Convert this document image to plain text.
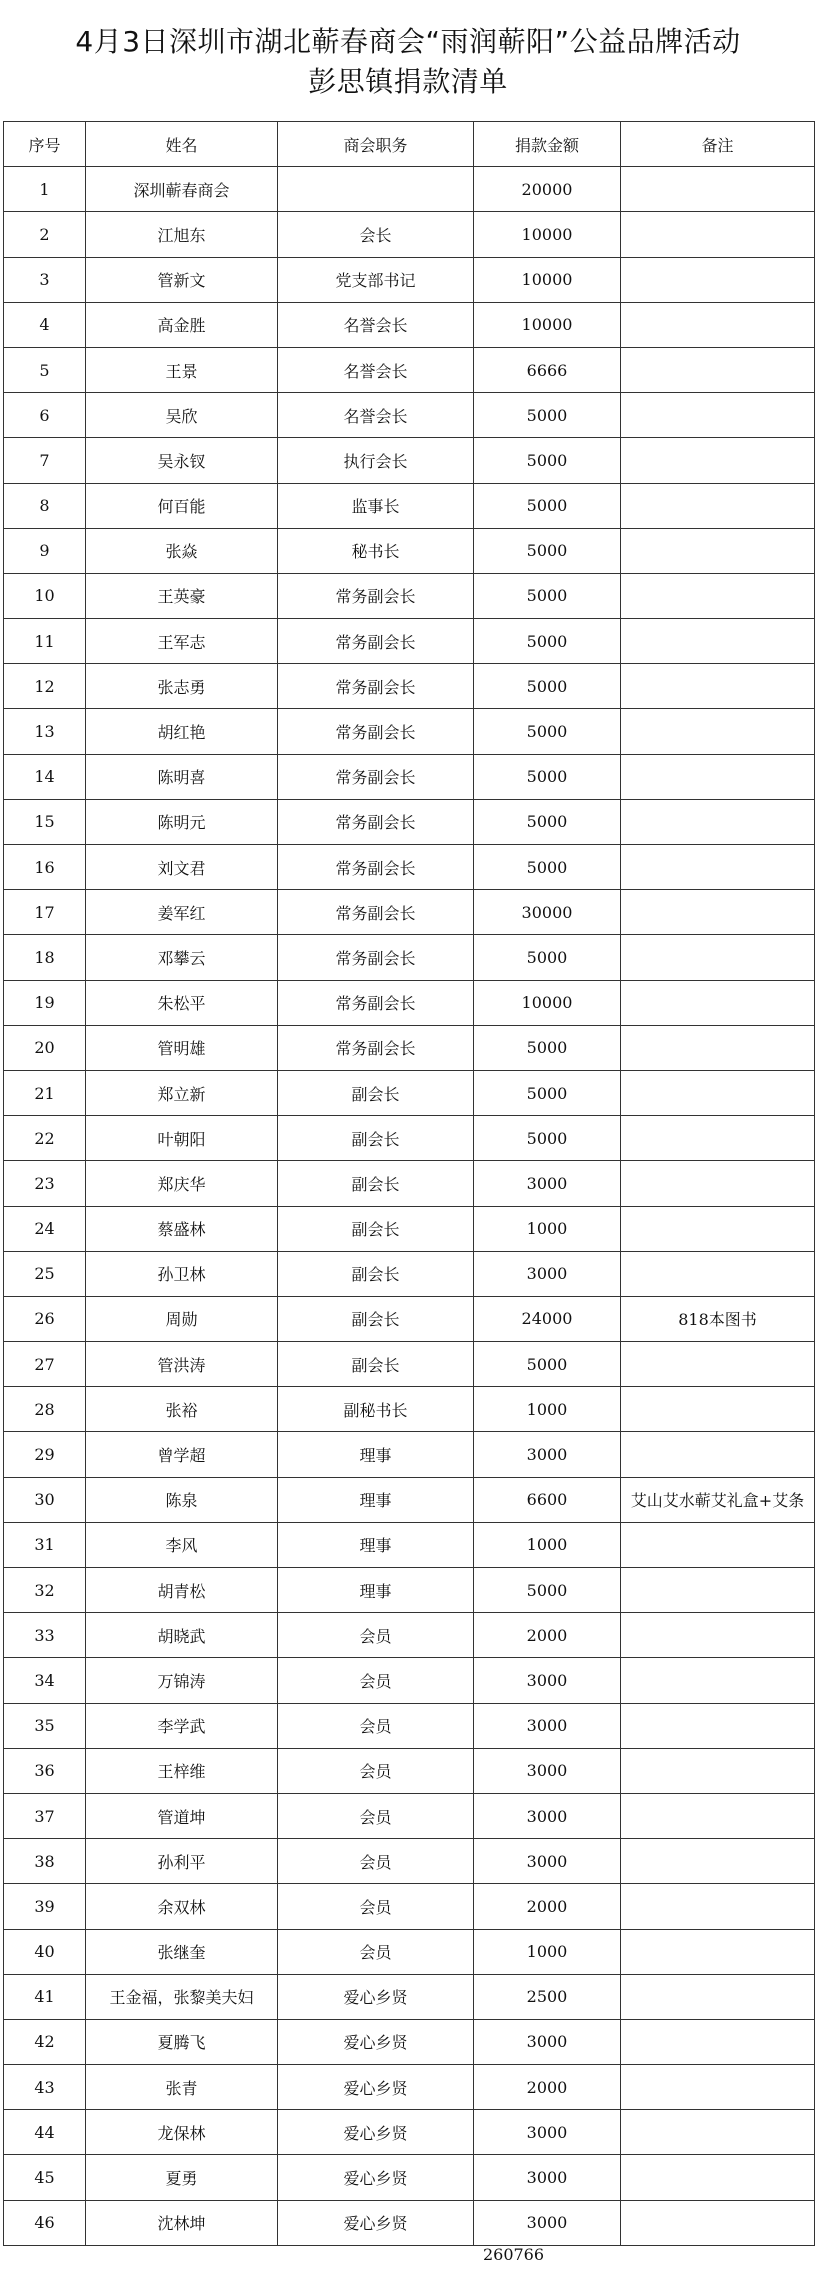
4月3日深圳市湖北蕲春商会“雨润蕲阳”公益品牌活动
彭思镇捐款清单
序号	姓名	商会职务	捐款金额	备注
1	深圳蕲春商会		20000	
2	江旭东	会长	10000	
3	管新文	党支部书记	10000	
4	高金胜	名誉会长	10000	
5	王景	名誉会长	6666	
6	吴欣	名誉会长	5000	
7	吴永钗	执行会长	5000	
8	何百能	监事长	5000	
9	张焱	秘书长	5000	
10	王英豪	常务副会长	5000	
11	王军志	常务副会长	5000	
12	张志勇	常务副会长	5000	
13	胡红艳	常务副会长	5000	
14	陈明喜	常务副会长	5000	
15	陈明元	常务副会长	5000	
16	刘文君	常务副会长	5000	
17	姜军红	常务副会长	30000	
18	邓攀云	常务副会长	5000	
19	朱松平	常务副会长	10000	
20	管明雄	常务副会长	5000	
21	郑立新	副会长	5000	
22	叶朝阳	副会长	5000	
23	郑庆华	副会长	3000	
24	蔡盛林	副会长	1000	
25	孙卫林	副会长	3000	
26	周勋	副会长	24000	818本图书
27	管洪涛	副会长	5000	
28	张裕	副秘书长	1000	
29	曾学超	理事	3000	
30	陈泉	理事	6600	艾山艾水蕲艾礼盒+艾条
31	李风	理事	1000	
32	胡青松	理事	5000	
33	胡晓武	会员	2000	
34	万锦涛	会员	3000	
35	李学武	会员	3000	
36	王梓维	会员	3000	
37	管道坤	会员	3000	
38	孙利平	会员	3000	
39	余双林	会员	2000	
40	张继奎	会员	1000	
41	王金福，张黎美夫妇	爱心乡贤	2500	
42	夏腾飞	爱心乡贤	3000	
43	张青	爱心乡贤	2000	
44	龙保林	爱心乡贤	3000	
45	夏勇	爱心乡贤	3000	
46	沈林坤	爱心乡贤	3000	
260766
